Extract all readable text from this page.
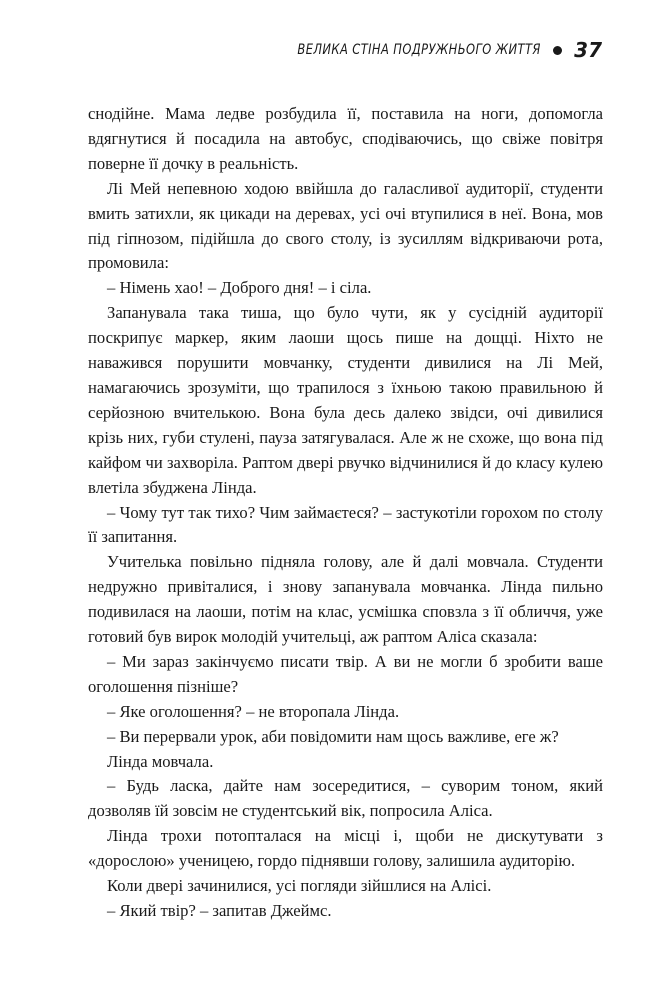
ВЕЛИКА СТІНА ПОДРУЖНЬОГО ЖИТТЯ 37

снодійне. Мама ледве розбудила її, поставила на ноги, допомогла вдягнутися й посадила на автобус, сподіваючись, що свіже повітря поверне її дочку в реальність.

Лі Мей непевною ходою ввійшла до галасливої аудиторії, студенти вмить затихли, як цикади на деревах, усі очі втупилися в неї. Вона, мов під гіпнозом, підійшла до свого столу, із зусиллям відкриваючи рота, промовила:

– Німень хао! – Доброго дня! – і сіла.

Запанувала така тиша, що було чути, як у сусідній аудиторії поскрипує маркер, яким лаоши щось пише на дощці. Ніхто не наважився порушити мовчанку, студенти дивилися на Лі Мей, намагаючись зрозуміти, що трапилося з їхньою такою правильною й серйозною вчителькою. Вона була десь далеко звідси, очі дивилися крізь них, губи стулені, пауза затягувалася. Але ж не схоже, що вона під кайфом чи захворіла. Раптом двері рвучко відчинилися й до класу кулею влетіла збуджена Лінда.

– Чому тут так тихо? Чим займаєтеся? – застукотіли горохом по столу її запитання.

Учителька повільно підняла голову, але й далі мовчала. Студенти недружно привіталися, і знову запанувала мовчанка. Лінда пильно подивилася на лаоши, потім на клас, усмішка сповзла з її обличчя, уже готовий був вирок молодій учительці, аж раптом Аліса сказала:

– Ми зараз закінчуємо писати твір. А ви не могли б зробити ваше оголошення пізніше?

– Яке оголошення? – не второпала Лінда.

– Ви перервали урок, аби повідомити нам щось важливе, еге ж?

Лінда мовчала.

– Будь ласка, дайте нам зосередитися, – суворим тоном, який дозволяв їй зовсім не студентський вік, попросила Аліса.

Лінда трохи потопталася на місці і, щоби не дискутувати з «дорослою» ученицею, гордо піднявши голову, залишила аудиторію.

Коли двері зачинилися, усі погляди зійшлися на Алісі.

– Який твір? – запитав Джеймс.
